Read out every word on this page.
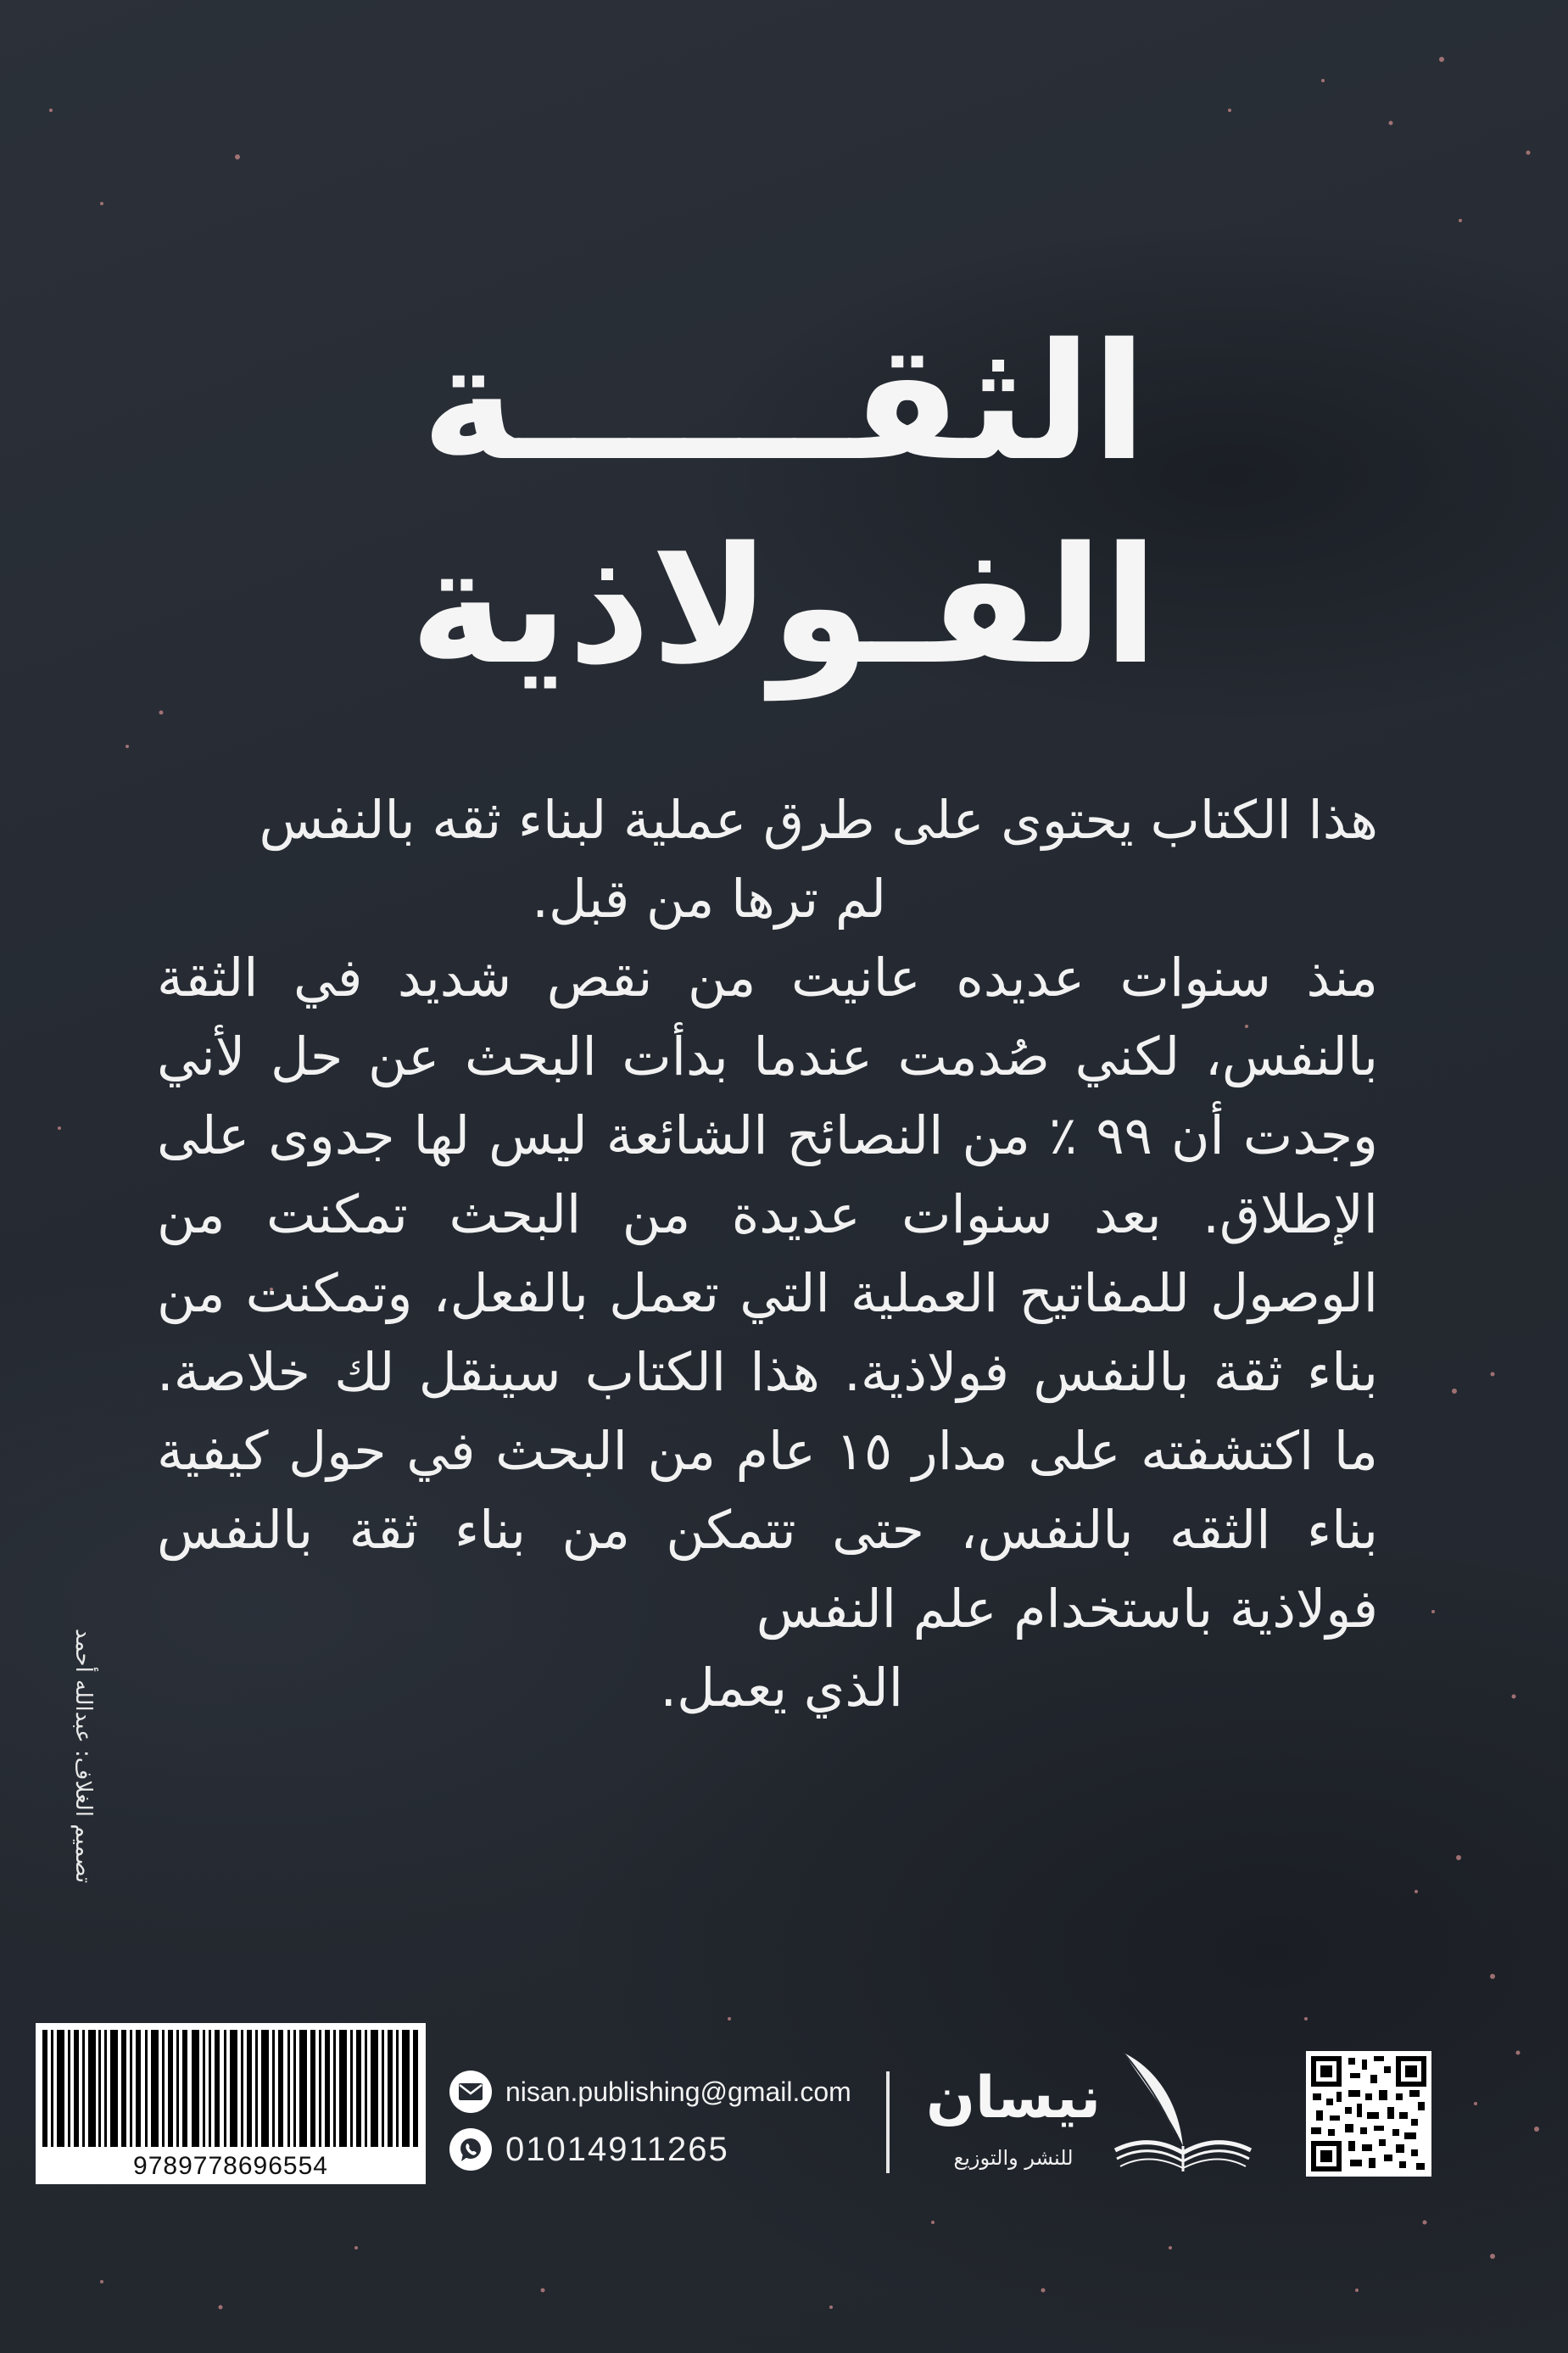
الثقــــــة
الفـولاذية

هذا الكتاب يحتوى على طرق عملية لبناء ثقه بالنفس

لم ترها من قبل.

منذ سنوات عديده عانيت من نقص شديد في الثقة بالنفس، لكني صُدمت عندما بدأت البحث عن حل لأني وجدت أن ٩٩ ٪ من النصائح الشائعة ليس لها جدوى على الإطلاق. بعد سنوات عديدة من البحث تمكنت من الوصول للمفاتيح العملية التي تعمل بالفعل، وتمكنت من بناء ثقة بالنفس فولاذية. هذا الكتاب سينقل لك خلاصة. ما اكتشفته على مدار ١٥ عام من البحث في حول كيفية بناء الثقه بالنفس، حتى تتمكن من بناء ثقة بالنفس فولاذية باستخدام علم النفس

الذي يعمل.

تصميم الغلاف: عبدالله أحمد
9789778696554
nisan.publishing@gmail.com
01014911265
نيسان
للنشر والتوزيع
